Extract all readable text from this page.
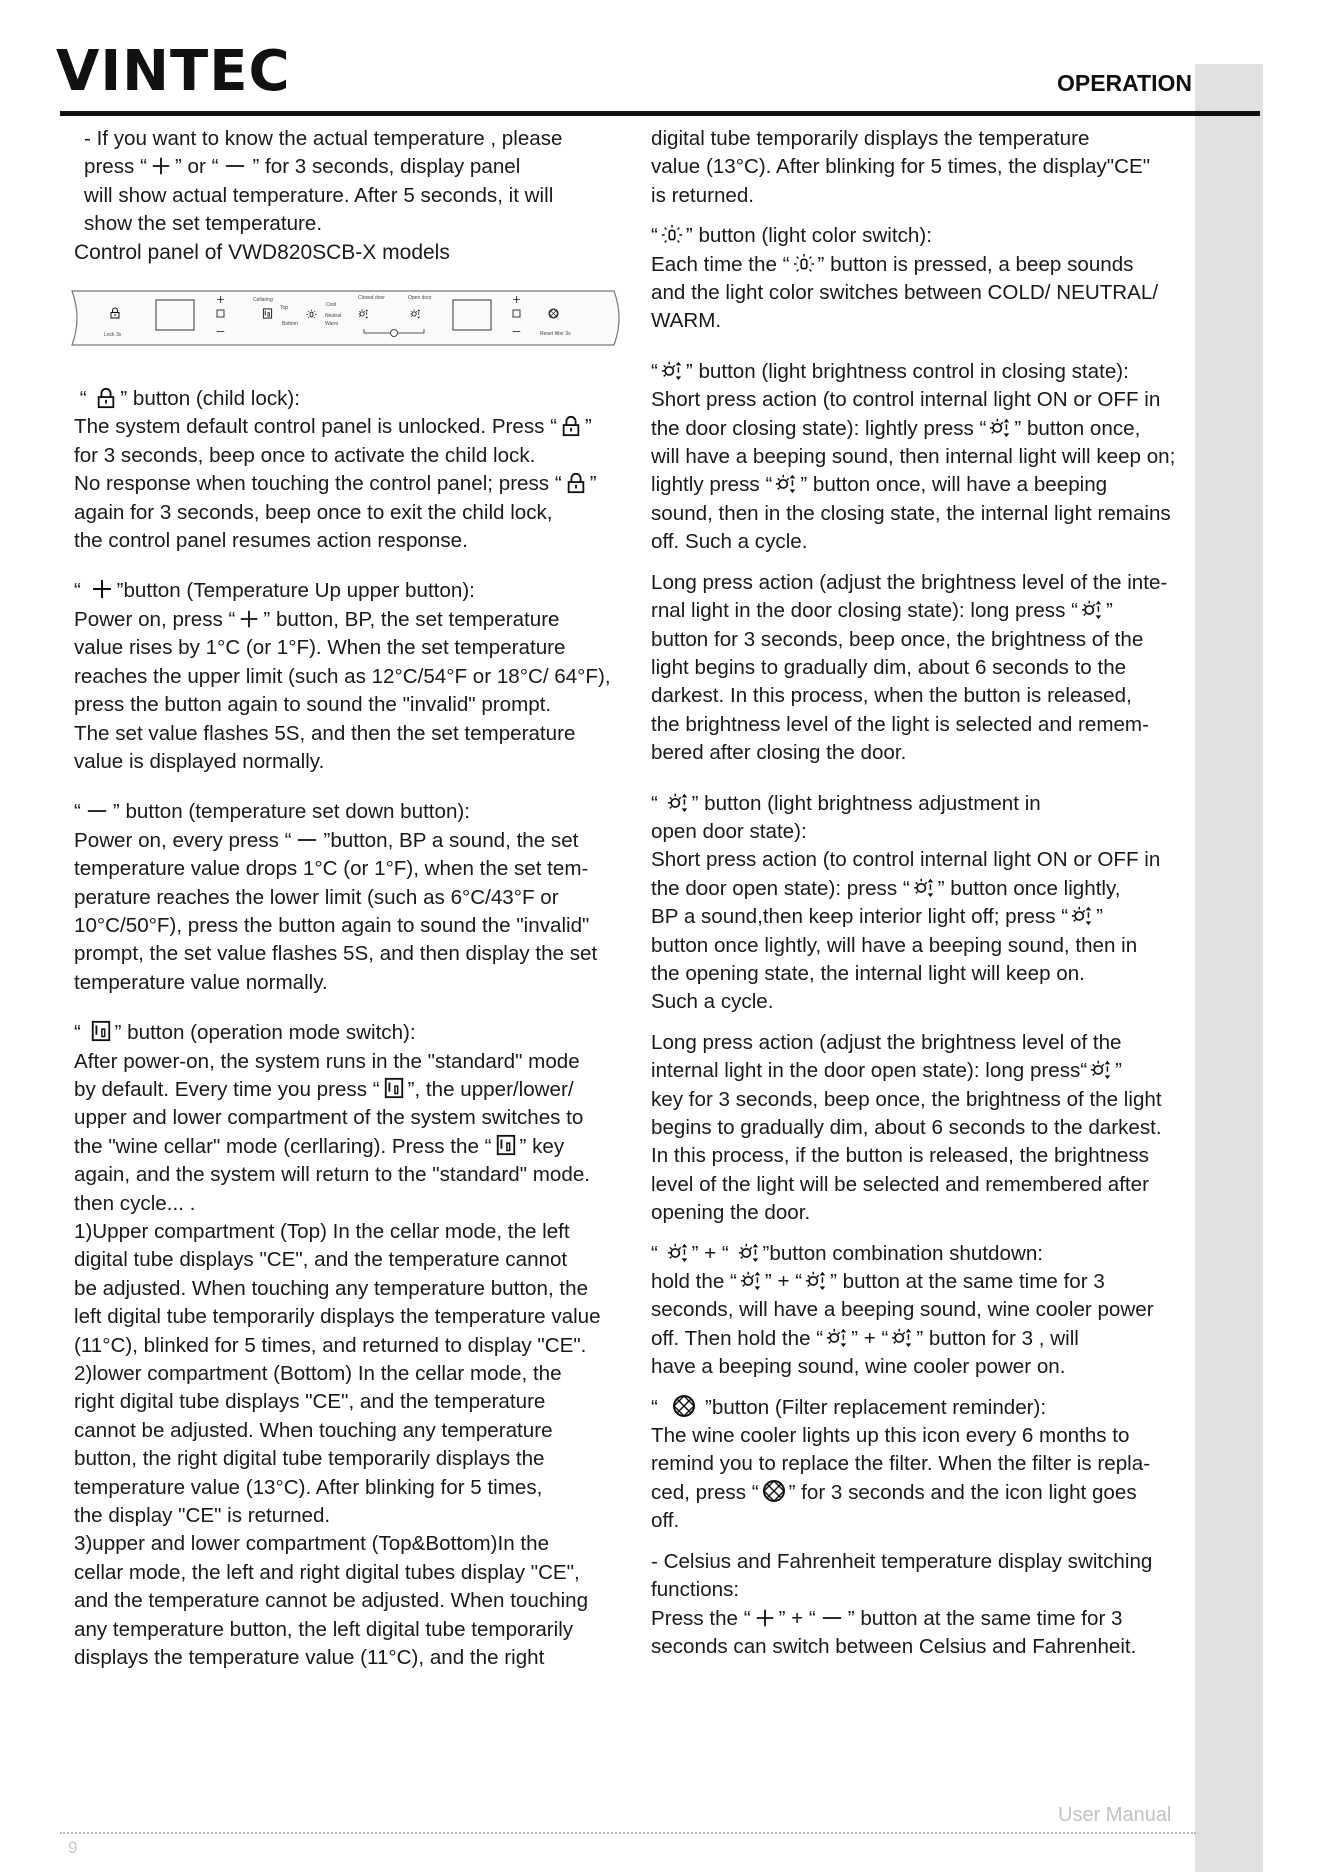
VINTEC	OPERATION

- If you want to know the actual temperature , please

press “ ” or “ ” for 3 seconds, display panel

will show actual temperature. After 5 seconds, it will

show the set temperature.

Control panel of VWD820SCB-X models

Lock 3s
Cellaring
Top
Bottom
Cool
Neutral
Warm
Closed door	Open door
Reset filter 3s

“ ” button (child lock):

The system default control panel is unlocked. Press “ ”

for 3 seconds, beep once to activate the child lock.

No response when touching the control panel; press “ ”

again for 3 seconds, beep once to exit the child lock,

the control panel resumes action response.

“ ”button (Temperature Up upper button):

Power on, press “ ” button, BP, the set temperature

value rises by 1°C (or 1°F). When the set temperature

reaches the upper limit (such as 12°C/54°F or 18°C/ 64°F),

press the button again to sound the "invalid" prompt.

The set value flashes 5S, and then the set temperature

value is displayed normally.

“ ” button (temperature set down button):

Power on, every press “ ”button, BP a sound, the set

temperature value drops 1°C (or 1°F), when the set tem-

perature reaches the lower limit (such as 6°C/43°F or

10°C/50°F), press the button again to sound the "invalid"

prompt, the set value flashes 5S, and then display the set

temperature value normally.

“ ” button (operation mode switch):

After power-on, the system runs in the "standard" mode

by default. Every time you press “ ”, the upper/lower/

upper and lower compartment of the system switches to

the "wine cellar" mode (cerllaring). Press the “ ” key

again, and the system will return to the "standard" mode.

then cycle... .

1)Upper compartment (Top) In the cellar mode, the left

digital tube displays "CE", and the temperature cannot

be adjusted. When touching any temperature button, the

left digital tube temporarily displays the temperature value

(11°C), blinked for 5 times, and returned to display "CE".

2)lower compartment (Bottom) In the cellar mode, the

right digital tube displays "CE", and the temperature

cannot be adjusted. When touching any temperature

button, the right digital tube temporarily displays the

temperature value (13°C). After blinking for 5 times,

the display "CE" is returned.

3)upper and lower compartment (Top&Bottom)In the

cellar mode, the left and right digital tubes display "CE",

and the temperature cannot be adjusted. When touching

any temperature button, the left digital tube temporarily

displays the temperature value (11°C), and the right

digital tube temporarily displays the temperature

value (13°C). After blinking for 5 times, the display"CE"

is returned.

“ ” button (light color switch):

Each time the “ ” button is pressed, a beep sounds

and the light color switches between COLD/ NEUTRAL/

WARM.

“ ” button (light brightness control in closing state):

Short press action (to control internal light ON or OFF in

the door closing state): lightly press “ ” button once,

will have a beeping sound, then internal light will keep on;

lightly press “ ” button once, will have a beeping

sound, then in the closing state, the internal light remains

off. Such a cycle.

Long press action (adjust the brightness level of the inte-

rnal light in the door closing state): long press “ ”

button for 3 seconds, beep once, the brightness of the

light begins to gradually dim, about 6 seconds to the

darkest. In this process, when the button is released,

the brightness level of the light is selected and remem-

bered after closing the door.

“ ” button (light brightness adjustment in

open door state):

Short press action (to control internal light ON or OFF in

the door open state): press “ ” button once lightly,

BP a sound,then keep interior light off; press “ ”

button once lightly, will have a beeping sound, then in

the opening state, the internal light will keep on.

Such a cycle.

Long press action (adjust the brightness level of the

internal light in the door open state): long press“ ”

key for 3 seconds, beep once, the brightness of the light

begins to gradually dim, about 6 seconds to the darkest.

In this process, if the button is released, the brightness

level of the light will be selected and remembered after

opening the door.

“ ” + “ ”button combination shutdown:

hold the “ ” + “ ” button at the same time for 3

seconds, will have a beeping sound, wine cooler power

off. Then hold the “ ” + “ ” button for 3 , will

have a beeping sound, wine cooler power on.

“   ”button (Filter replacement reminder):

The wine cooler lights up this icon every 6 months to

remind you to replace the filter. When the filter is repla-

ced, press “ ” for 3 seconds and the icon light goes

off.

- Celsius and Fahrenheit temperature display switching

functions:

Press the “ ” + “ ” button at the same time for 3

seconds can switch between Celsius and Fahrenheit.

User Manual
9
